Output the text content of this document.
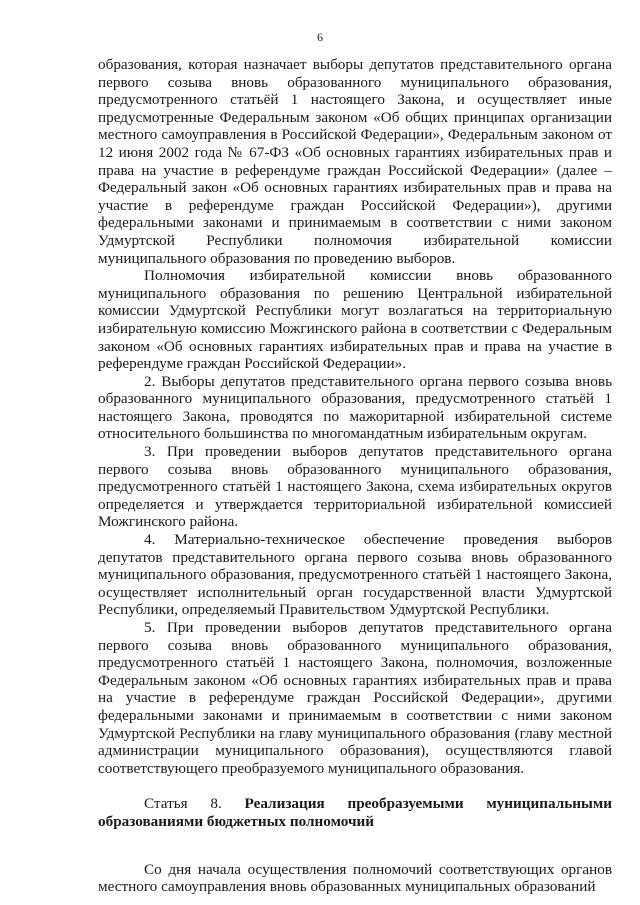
6

образования, которая назначает выборы депутатов представительного органа первого созыва вновь образованного муниципального образования, предусмотренного статьёй 1 настоящего Закона, и осуществляет иные предусмотренные Федеральным законом «Об общих принципах организации местного самоуправления в Российской Федерации», Федеральным законом от 12 июня 2002 года № 67-ФЗ «Об основных гарантиях избирательных прав и права на участие в референдуме граждан Российской Федерации» (далее – Федеральный закон «Об основных гарантиях избирательных прав и права на участие в референдуме граждан Российской Федерации»), другими федеральными законами и принимаемым в соответствии с ними законом Удмуртской Республики полномочия избирательной комиссии муниципального образования по проведению выборов.

Полномочия избирательной комиссии вновь образованного муниципального образования по решению Центральной избирательной комиссии Удмуртской Республики могут возлагаться на территориальную избирательную комиссию Можгинского района в соответствии с Федеральным законом «Об основных гарантиях избирательных прав и права на участие в референдуме граждан Российской Федерации».

2. Выборы депутатов представительного органа первого созыва вновь образованного муниципального образования, предусмотренного статьёй 1 настоящего Закона, проводятся по мажоритарной избирательной системе относительного большинства по многомандатным избирательным округам.

3. При проведении выборов депутатов представительного органа первого созыва вновь образованного муниципального образования, предусмотренного статьёй 1 настоящего Закона, схема избирательных округов определяется и утверждается территориальной избирательной комиссией Можгинского района.

4. Материально-техническое обеспечение проведения выборов депутатов представительного органа первого созыва вновь образованного муниципального образования, предусмотренного статьёй 1 настоящего Закона, осуществляет исполнительный орган государственной власти Удмуртской Республики, определяемый Правительством Удмуртской Республики.

5. При проведении выборов депутатов представительного органа первого созыва вновь образованного муниципального образования, предусмотренного статьёй 1 настоящего Закона, полномочия, возложенные Федеральным законом «Об основных гарантиях избирательных прав и права на участие в референдуме граждан Российской Федерации», другими федеральными законами и принимаемым в соответствии с ними законом Удмуртской Республики на главу муниципального образования (главу местной администрации муниципального образования), осуществляются главой соответствующего преобразуемого муниципального образования.

Статья 8. Реализация преобразуемыми муниципальными образованиями бюджетных полномочий

Со дня начала осуществления полномочий соответствующих органов местного самоуправления вновь образованных муниципальных образований
